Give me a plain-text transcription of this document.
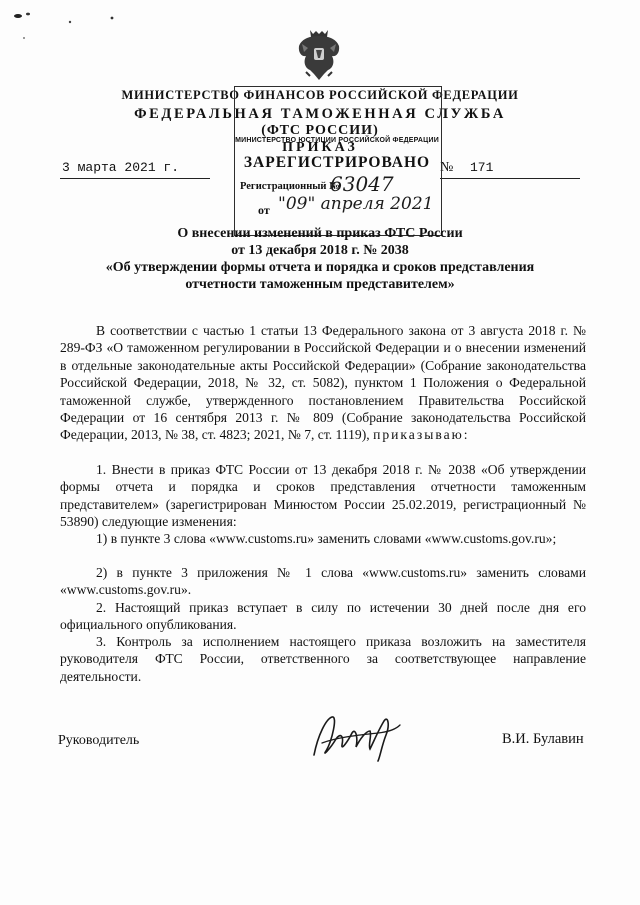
МИНИСТЕРСТВО ФИНАНСОВ РОССИЙСКОЙ ФЕДЕРАЦИИ
ФЕДЕРАЛЬНАЯ ТАМОЖЕННАЯ СЛУЖБА
(ФТС РОССИИ)
ПРИКАЗ
3 марта 2021 г.	№ 171
МИНИСТЕРСТВО ЮСТИЦИИ РОССИЙСКОЙ ФЕДЕРАЦИИ
ЗАРЕГИСТРИРОВАНО
Регистрационный №
63047
от "09" апреля 2021
О внесении изменений в приказ ФТС России
от 13 декабря 2018 г. № 2038
«Об утверждении формы отчета и порядка и сроков представления
отчетности таможенным представителем»
В соответствии с частью 1 статьи 13 Федерального закона от 3 августа 2018 г. № 289-ФЗ «О таможенном регулировании в Российской Федерации и о внесении изменений в отдельные законодательные акты Российской Федерации» (Собрание законодательства Российской Федерации, 2018, № 32, ст. 5082), пунктом 1 Положения о Федеральной таможенной службе, утвержденного постановлением Правительства Российской Федерации от 16 сентября 2013 г. № 809 (Собрание законодательства Российской Федерации, 2013, № 38, ст. 4823; 2021, № 7, ст. 1119), приказываю:
1. Внести в приказ ФТС России от 13 декабря 2018 г. № 2038 «Об утверждении формы отчета и порядка и сроков представления отчетности таможенным представителем» (зарегистрирован Минюстом России 25.02.2019, регистрационный № 53890) следующие изменения:
1) в пункте 3 слова «www.customs.ru» заменить словами «www.customs.gov.ru»;
2) в пункте 3 приложения № 1 слова «www.customs.ru» заменить словами «www.customs.gov.ru».
2. Настоящий приказ вступает в силу по истечении 30 дней после дня его официального опубликования.
3. Контроль за исполнением настоящего приказа возложить на заместителя руководителя ФТС России, ответственного за соответствующее направление деятельности.
Руководитель	В.И. Булавин
